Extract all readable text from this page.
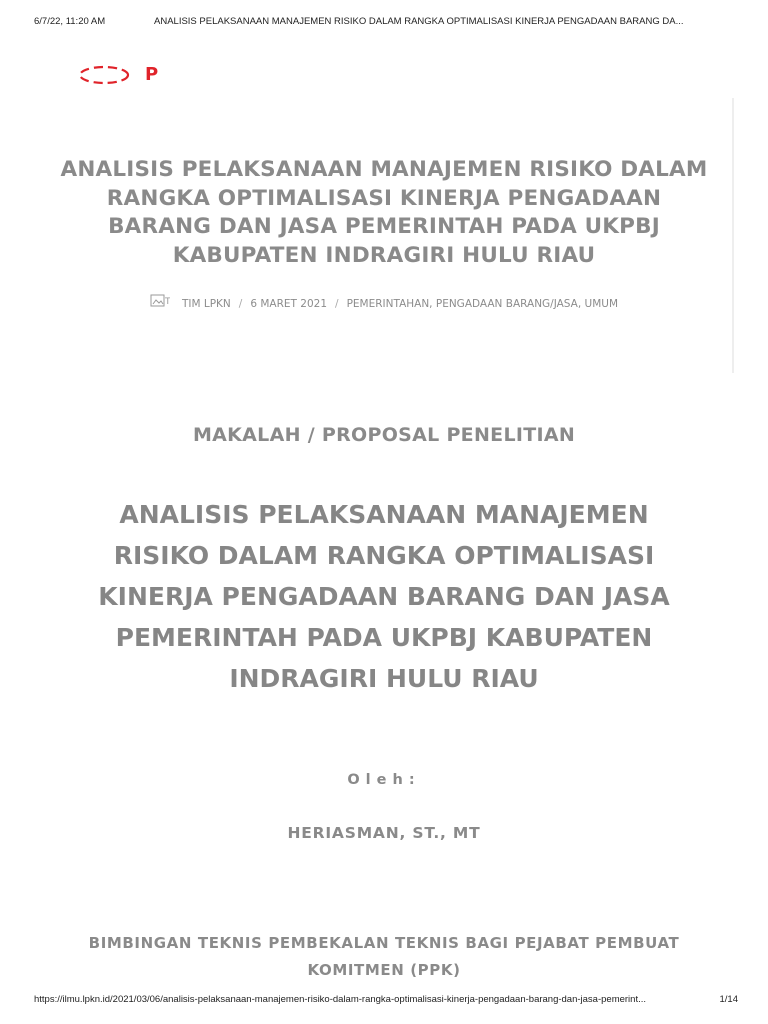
6/7/22, 11:20 AM	ANALISIS PELAKSANAAN MANAJEMEN RISIKO DALAM RANGKA OPTIMALISASI KINERJA PENGADAAN BARANG DA...
P
ANALISIS PELAKSANAAN MANAJEMEN RISIKO DALAM RANGKA OPTIMALISASI KINERJA PENGADAAN BARANG DAN JASA PEMERINTAH PADA UKPBJ KABUPATEN INDRAGIRI HULU RIAU
T TIM LPKN / 6 MARET 2021 / PEMERINTAHAN, PENGADAAN BARANG/JASA, UMUM
MAKALAH / PROPOSAL PENELITIAN
ANALISIS PELAKSANAAN MANAJEMEN RISIKO DALAM RANGKA OPTIMALISASI KINERJA PENGADAAN BARANG DAN JASA PEMERINTAH PADA UKPBJ KABUPATEN INDRAGIRI HULU RIAU
Oleh:
HERIASMAN, ST., MT

BIMBINGAN TEKNIS PEMBEKALAN TEKNIS BAGI PEJABAT PEMBUAT KOMITMEN (PPK)

https://ilmu.lpkn.id/2021/03/06/analisis-pelaksanaan-manajemen-risiko-dalam-rangka-optimalisasi-kinerja-pengadaan-barang-dan-jasa-pemerint...	1/14
